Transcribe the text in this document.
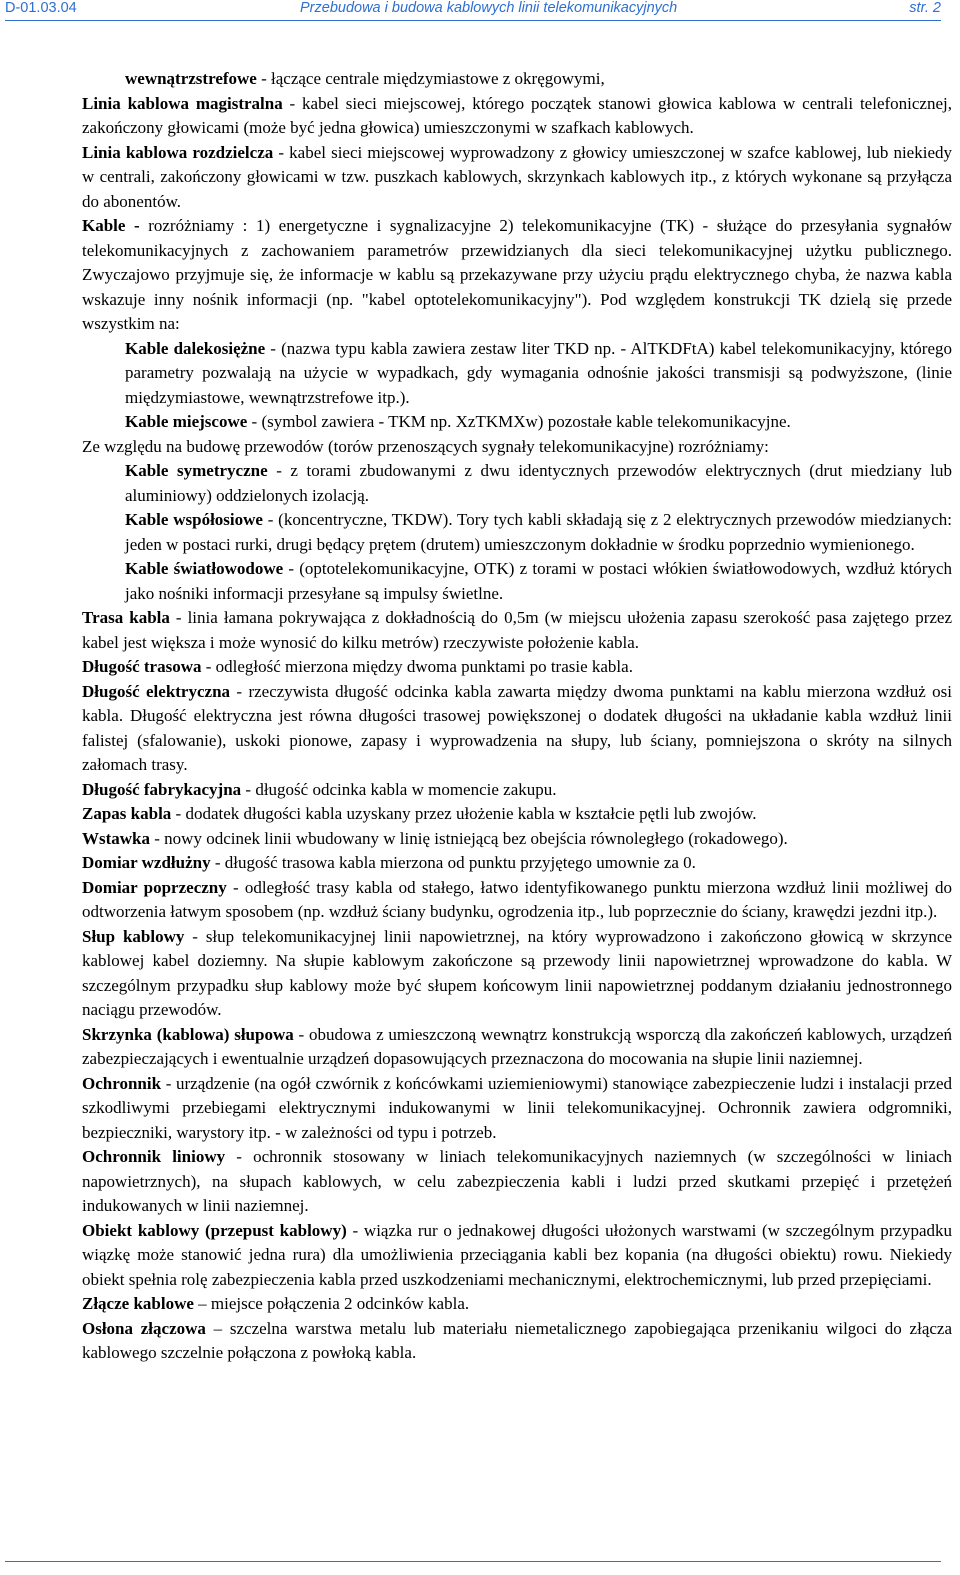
D-01.03.04	Przebudowa i budowa kablowych linii telekomunikacyjnych	str. 2

wewnątrzstrefowe - łączące centrale międzymiastowe z okręgowymi,

Linia kablowa magistralna - kabel sieci miejscowej, którego początek stanowi głowica kablowa w centrali telefonicznej, zakończony głowicami (może być jedna głowica) umieszczonymi w szafkach kablowych.

Linia kablowa rozdzielcza - kabel sieci miejscowej wyprowadzony z głowicy umieszczonej w szafce kablowej, lub niekiedy w centrali, zakończony głowicami w tzw. puszkach kablowych, skrzynkach kablowych itp., z których wykonane są przyłącza do abonentów.

Kable - rozróżniamy : 1) energetyczne i sygnalizacyjne 2) telekomunikacyjne (TK) - służące do przesyłania sygnałów telekomunikacyjnych z zachowaniem parametrów przewidzianych dla sieci telekomunikacyjnej użytku publicznego. Zwyczajowo przyjmuje się, że informacje w kablu są przekazywane przy użyciu prądu elektrycznego chyba, że nazwa kabla wskazuje inny nośnik informacji (np. "kabel optotelekomunikacyjny"). Pod względem konstrukcji TK dzielą się przede wszystkim na:

Kable dalekosiężne - (nazwa typu kabla zawiera zestaw liter TKD np. - AlTKDFtA) kabel telekomunikacyjny, którego parametry pozwalają na użycie w wypadkach, gdy wymagania odnośnie jakości transmisji są podwyższone, (linie międzymiastowe, wewnątrzstrefowe itp.).

Kable miejscowe - (symbol zawiera - TKM np. XzTKMXw) pozostałe kable telekomunikacyjne.

Ze względu na budowę przewodów (torów przenoszących sygnały telekomunikacyjne) rozróżniamy:

Kable symetryczne - z torami zbudowanymi z dwu identycznych przewodów elektrycznych (drut miedziany lub aluminiowy) oddzielonych izolacją.

Kable współosiowe - (koncentryczne, TKDW). Tory tych kabli składają się z 2 elektrycznych przewodów miedzianych: jeden w postaci rurki, drugi będący prętem (drutem) umieszczonym dokładnie w środku poprzednio wymienionego.

Kable światłowodowe - (optotelekomunikacyjne, OTK) z torami w postaci włókien światłowodowych, wzdłuż których jako nośniki informacji przesyłane są impulsy świetlne.

Trasa kabla - linia łamana pokrywająca z dokładnością do 0,5m (w miejscu ułożenia zapasu szerokość pasa zajętego przez kabel jest większa i może wynosić do kilku metrów) rzeczywiste położenie kabla.

Długość trasowa - odległość mierzona między dwoma punktami po trasie kabla.

Długość elektryczna - rzeczywista długość odcinka kabla zawarta między dwoma punktami na kablu mierzona wzdłuż osi kabla. Długość elektryczna jest równa długości trasowej powiększonej o dodatek długości na układanie kabla wzdłuż linii falistej (sfalowanie), uskoki pionowe, zapasy i wyprowadzenia na słupy, lub ściany, pomniejszona o skróty na silnych załomach trasy.

Długość fabrykacyjna - długość odcinka kabla w momencie zakupu.

Zapas kabla - dodatek długości kabla uzyskany przez ułożenie kabla w kształcie pętli lub zwojów.

Wstawka - nowy odcinek linii wbudowany w linię istniejącą bez obejścia równoległego (rokadowego).

Domiar wzdłużny - długość trasowa kabla mierzona od punktu przyjętego umownie za 0.

Domiar poprzeczny - odległość trasy kabla od stałego, łatwo identyfikowanego punktu mierzona wzdłuż linii możliwej do odtworzenia łatwym sposobem (np. wzdłuż ściany budynku, ogrodzenia itp., lub poprzecznie do ściany, krawędzi jezdni itp.).

Słup kablowy - słup telekomunikacyjnej linii napowietrznej, na który wyprowadzono i zakończono głowicą w skrzynce kablowej kabel doziemny. Na słupie kablowym zakończone są przewody linii napowietrznej wprowadzone do kabla. W szczególnym przypadku słup kablowy może być słupem końcowym linii napowietrznej poddanym działaniu jednostronnego naciągu przewodów.

Skrzynka (kablowa) słupowa - obudowa z umieszczoną wewnątrz konstrukcją wsporczą dla zakończeń kablowych, urządzeń zabezpieczających i ewentualnie urządzeń dopasowujących przeznaczona do mocowania na słupie linii naziemnej.

Ochronnik - urządzenie (na ogół czwórnik z końcówkami uziemieniowymi) stanowiące zabezpieczenie ludzi i instalacji przed szkodliwymi przebiegami elektrycznymi indukowanymi w linii telekomunikacyjnej. Ochronnik zawiera odgromniki, bezpieczniki, warystory itp. - w zależności od typu i potrzeb.

Ochronnik liniowy - ochronnik stosowany w liniach telekomunikacyjnych naziemnych (w szczególności w liniach napowietrznych), na słupach kablowych, w celu zabezpieczenia kabli i ludzi przed skutkami przepięć i przetężeń indukowanych w linii naziemnej.

Obiekt kablowy (przepust kablowy) - wiązka rur o jednakowej długości ułożonych warstwami (w szczególnym przypadku wiązkę może stanowić jedna rura) dla umożliwienia przeciągania kabli bez kopania (na długości obiektu) rowu. Niekiedy obiekt spełnia rolę zabezpieczenia kabla przed uszkodzeniami mechanicznymi, elektrochemicznymi, lub przed przepięciami.

Złącze kablowe – miejsce połączenia 2 odcinków kabla.

Osłona złączowa – szczelna warstwa metalu lub materiału niemetalicznego zapobiegająca przenikaniu wilgoci do złącza kablowego szczelnie połączona z powłoką kabla.
